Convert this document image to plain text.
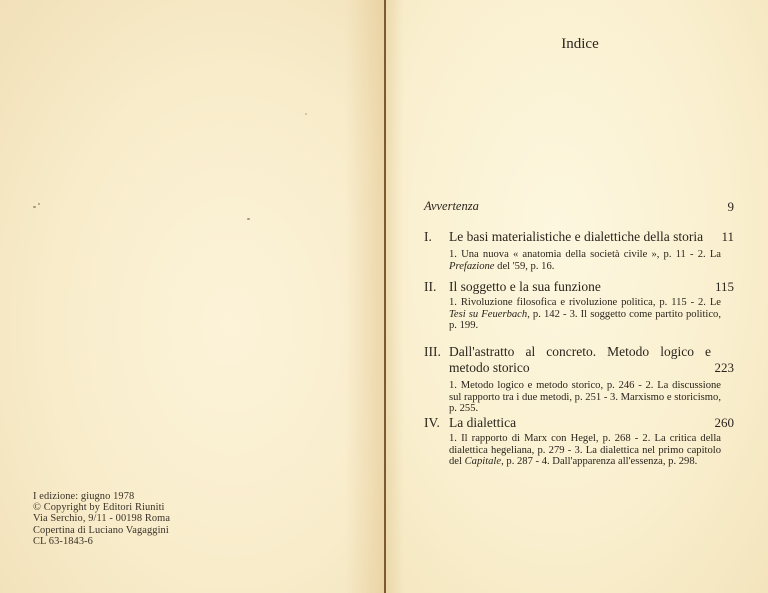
I edizione: giugno 1978
© Copyright by Editori Riuniti
Via Serchio, 9/11 - 00198 Roma
Copertina di Luciano Vagaggini
CL 63-1843-6
Indice
Avvertenza	9
I. Le basi materialistiche e dialettiche della storia	11
1. Una nuova « anatomia della società civile », p. 11 - 2. La Prefazione del '59, p. 16.
II. Il soggetto e la sua funzione	115
1. Rivoluzione filosofica e rivoluzione politica, p. 115 - 2. Le Tesi su Feuerbach, p. 142 - 3. Il soggetto come partito politico, p. 199.
III. Dall'astratto al concreto. Metodo logico e metodo storico	223
1. Metodo logico e metodo storico, p. 246 - 2. La discussione sul rapporto tra i due metodi, p. 251 - 3. Marxismo e storicismo, p. 255.
IV. La dialettica	260
1. Il rapporto di Marx con Hegel, p. 268 - 2. La critica della dialettica hegeliana, p. 279 - 3. La dialettica nel primo capitolo del Capitale, p. 287 - 4. Dall'apparenza all'essenza, p. 298.
